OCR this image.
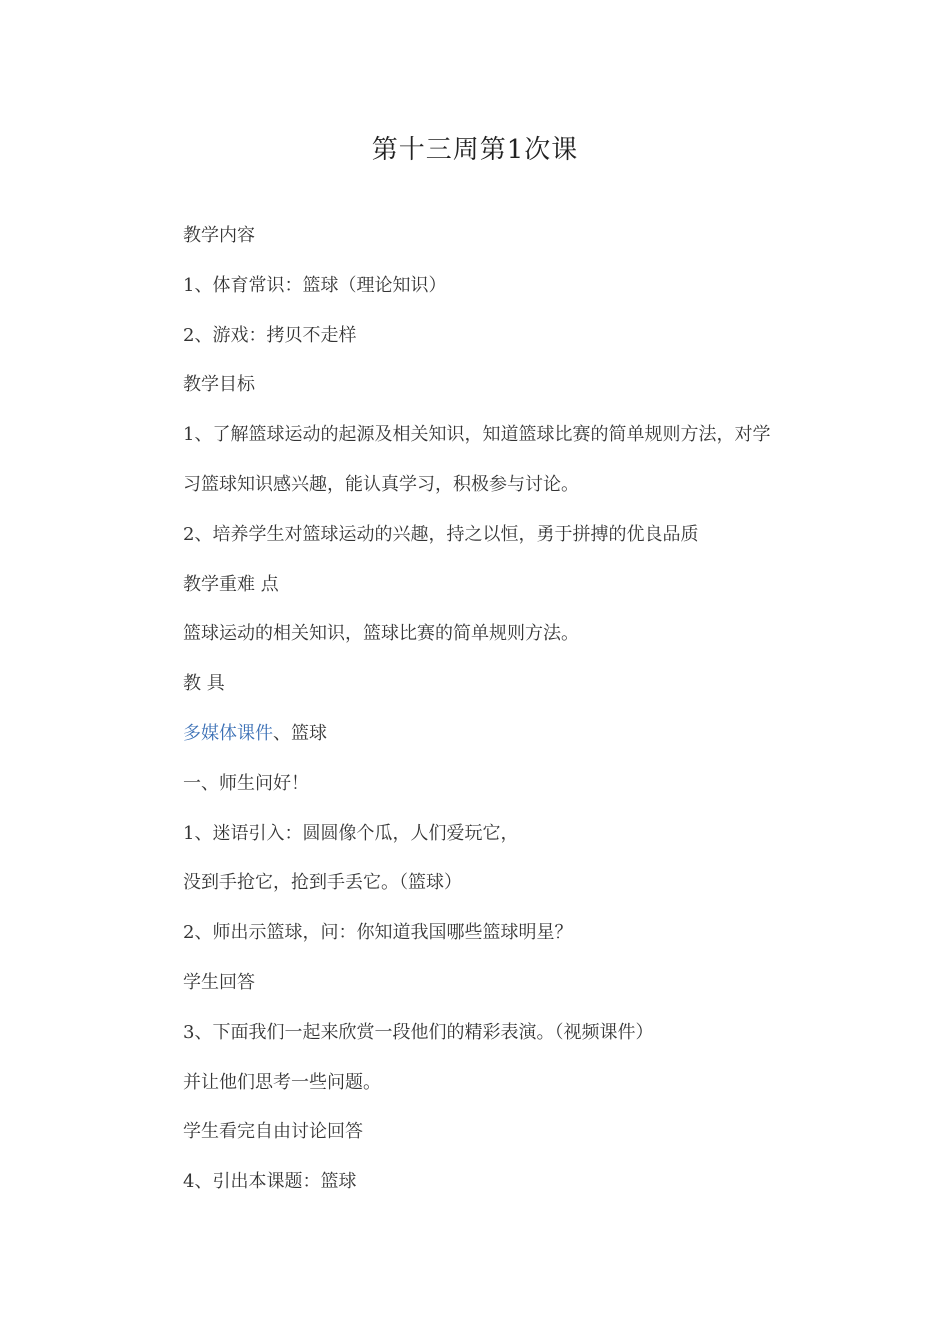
第十三周第1次课
教学内容
1、体育常识：篮球（理论知识）
2、游戏：拷贝不走样
教学目标
1、了解篮球运动的起源及相关知识，知道篮球比赛的简单规则方法，对学
习篮球知识感兴趣，能认真学习，积极参与讨论。
2、培养学生对篮球运动的兴趣，持之以恒，勇于拼搏的优良品质
教学重难 点
篮球运动的相关知识，篮球比赛的简单规则方法。
教 具
多媒体课件、篮球
一、师生问好！
1、迷语引入：圆圆像个瓜，人们爱玩它，
没到手抢它，抢到手丢它。（篮球）
2、师出示篮球，问：你知道我国哪些篮球明星？
学生回答
3、下面我们一起来欣赏一段他们的精彩表演。（视频课件）
并让他们思考一些问题。
学生看完自由讨论回答
4、引出本课题：篮球
